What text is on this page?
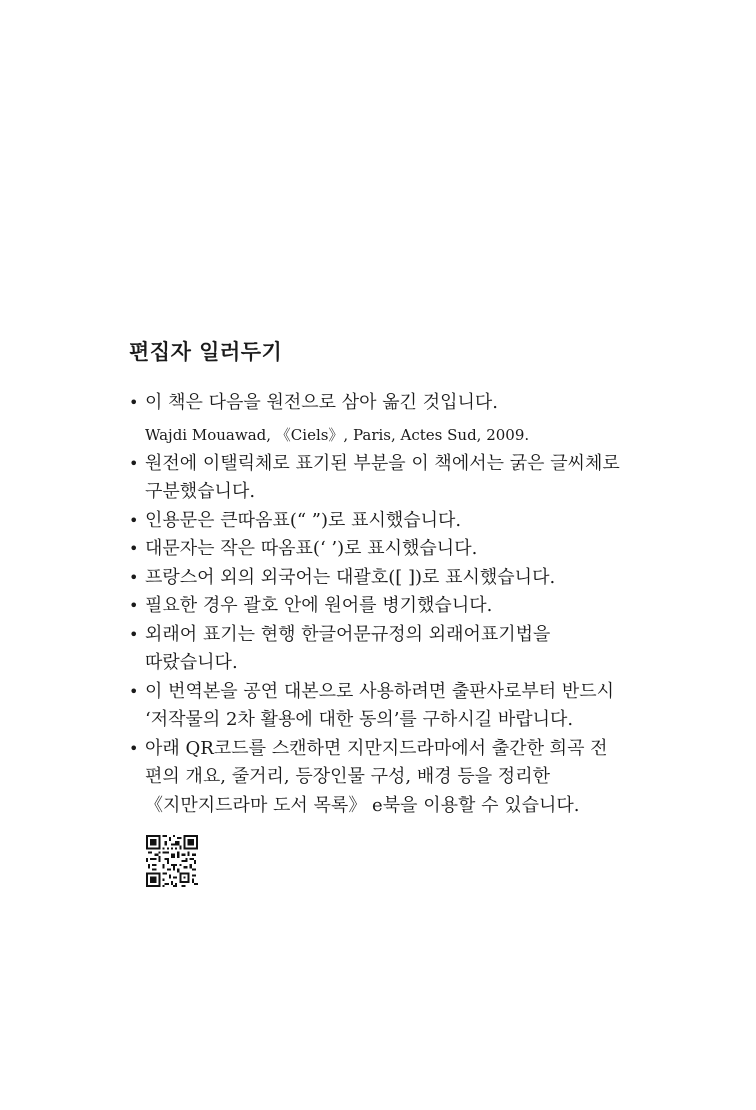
편집자 일러두기
• 이 책은 다음을 원전으로 삼아 옮긴 것입니다.
Wajdi Mouawad, 《Ciels》, Paris, Actes Sud, 2009.
• 원전에 이탤릭체로 표기된 부분을 이 책에서는 굵은 글씨체로
구분했습니다.
• 인용문은 큰따옴표(“ ”)로 표시했습니다.
• 대문자는 작은 따옴표(‘ ’)로 표시했습니다.
• 프랑스어 외의 외국어는 대괄호([ ])로 표시했습니다.
• 필요한 경우 괄호 안에 원어를 병기했습니다.
• 외래어 표기는 현행 한글어문규정의 외래어표기법을
따랐습니다.
• 이 번역본을 공연 대본으로 사용하려면 출판사로부터 반드시
‘저작물의 2차 활용에 대한 동의’를 구하시길 바랍니다.
• 아래 QR코드를 스캔하면 지만지드라마에서 출간한 희곡 전
편의 개요, 줄거리, 등장인물 구성, 배경 등을 정리한
《지만지드라마 도서 목록》 e북을 이용할 수 있습니다.
